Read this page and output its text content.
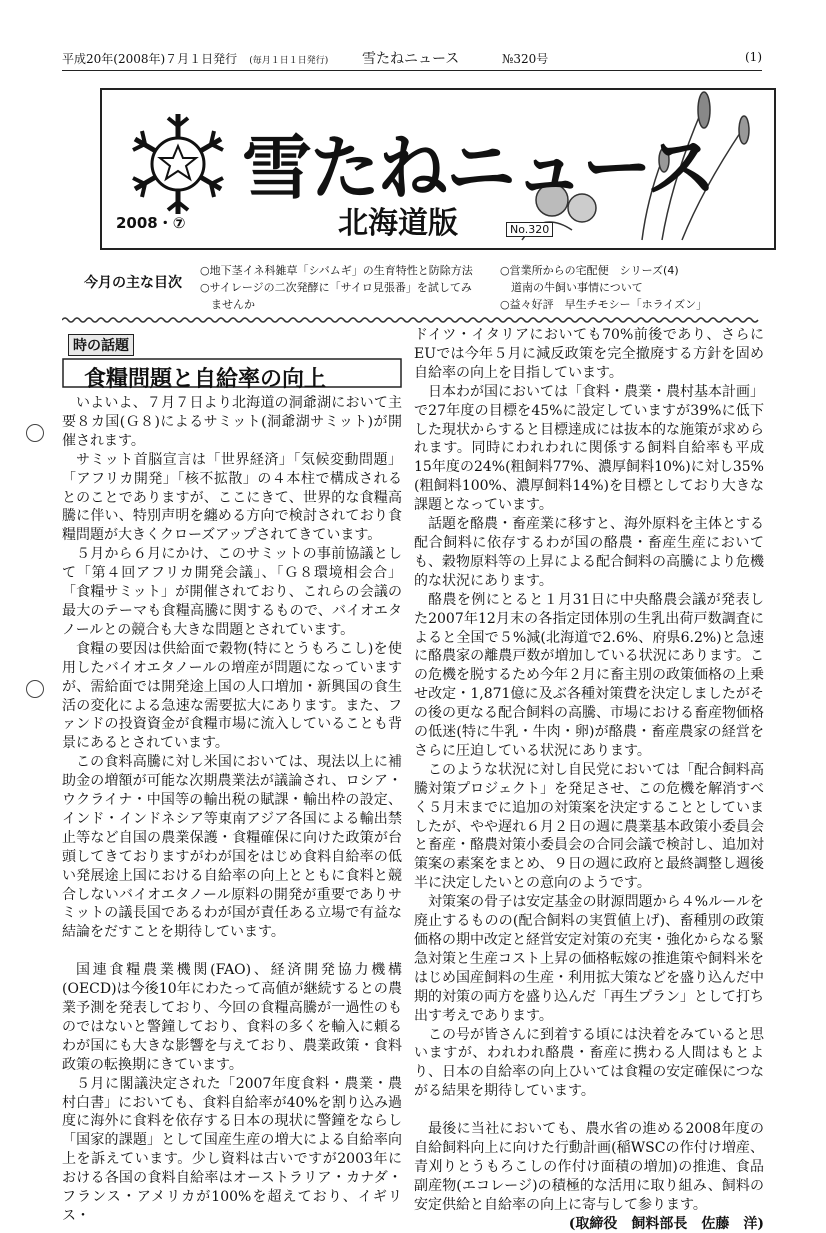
平成20年(2008年)７月１日発行　 (毎月１日１日発行) 雪たねニュース	№320号	(1)
雪たねニュース
北海道版
2008・⑦	No.320
今月の主な目次
○地下茎イネ科雑草「シバムギ」の生育特性と防除方法
○サイレージの二次発酵に「サイロ見張番」を試してみ
　ませんか
○営業所からの宅配便　シリーズ(4)
　道南の牛飼い事情について
○益々好評　早生チモシー「ホライズン」
時の話題
食糧問題と自給率の向上

いよいよ、７月７日より北海道の洞爺湖において主要８カ国(Ｇ８)によるサミット(洞爺湖サミット)が開催されます。

サミット首脳宣言は「世界経済」「気候変動問題」「アフリカ開発」「核不拡散」の４本柱で構成されるとのことでありますが、ここにきて、世界的な食糧高騰に伴い、特別声明を纏める方向で検討されており食糧問題が大きくクローズアップされてきています。

５月から６月にかけ、このサミットの事前協議として「第４回アフリカ開発会議」、「Ｇ８環境相会合」「食糧サミット」が開催されており、これらの会議の最大のテーマも食糧高騰に関するもので、バイオエタノールとの競合も大きな問題とされています。

食糧の要因は供給面で穀物(特にとうもろこし)を使用したバイオエタノールの増産が問題になっていますが、需給面では開発途上国の人口増加・新興国の食生活の変化による急速な需要拡大にあります。また、ファンドの投資資金が食糧市場に流入していることも背景にあるとされています。

この食料高騰に対し米国においては、現法以上に補助金の増額が可能な次期農業法が議論され、ロシア・ウクライナ・中国等の輸出税の賦課・輸出枠の設定、インド・インドネシア等東南アジア各国による輸出禁止等など自国の農業保護・食糧確保に向けた政策が台頭してきておりますがわが国をはじめ食料自給率の低い発展途上国における自給率の向上とともに食料と競合しないバイオエタノール原料の開発が重要でありサミットの議長国であるわが国が責任ある立場で有益な結論をだすことを期待しています。

国連食糧農業機関(FAO)、経済開発協力機構(OECD)は今後10年にわたって高値が継続するとの農業予測を発表しており、今回の食糧高騰が一過性のものではないと警鐘しており、食料の多くを輸入に頼るわが国にも大きな影響を与えており、農業政策・食料政策の転換期にきています。

５月に閣議決定された「2007年度食料・農業・農村白書」においても、食料自給率が40%を割り込み過度に海外に食料を依存する日本の現状に警鐘をならし「国家的課題」として国産生産の増大による自給率向上を訴えています。少し資料は古いですが2003年における各国の食料自給率はオーストラリア・カナダ・フランス・アメリカが100%を超えており、イギリス・

ドイツ・イタリアにおいても70%前後であり、さらにEUでは今年５月に減反政策を完全撤廃する方針を固め自給率の向上を目指しています。

日本わが国においては「食料・農業・農村基本計画」で27年度の目標を45%に設定していますが39%に低下した現状からすると目標達成には抜本的な施策が求められます。同時にわれわれに関係する飼料自給率も平成15年度の24%(粗飼料77%、濃厚飼料10%)に対し35%(粗飼料100%、濃厚飼料14%)を目標としており大きな課題となっています。

話題を酪農・畜産業に移すと、海外原料を主体とする配合飼料に依存するわが国の酪農・畜産生産においても、穀物原料等の上昇による配合飼料の高騰により危機的な状況にあります。

酪農を例にとると１月31日に中央酪農会議が発表した2007年12月末の各指定団体別の生乳出荷戸数調査によると全国で５%減(北海道で2.6%、府県6.2%)と急速に酪農家の離農戸数が増加している状況にあります。この危機を脱するため今年２月に畜主別の政策価格の上乗せ改定・1,871億に及ぶ各種対策費を決定しましたがその後の更なる配合飼料の高騰、市場における畜産物価格の低迷(特に牛乳・牛肉・卵)が酪農・畜産農家の経営をさらに圧迫している状況にあります。

このような状況に対し自民党においては「配合飼料高騰対策プロジェクト」を発足させ、この危機を解消すべく５月末までに追加の対策案を決定することとしていましたが、やや遅れ６月２日の週に農業基本政策小委員会と畜産・酪農対策小委員会の合同会議で検討し、追加対策案の素案をまとめ、９日の週に政府と最終調整し週後半に決定したいとの意向のようです。

対策案の骨子は安定基金の財源問題から４%ルールを廃止するものの(配合飼料の実質値上げ)、畜種別の政策価格の期中改定と経営安定対策の充実・強化からなる緊急対策と生産コスト上昇の価格転嫁の推進策や飼料米をはじめ国産飼料の生産・利用拡大策などを盛り込んだ中期的対策の両方を盛り込んだ「再生プラン」として打ち出す考えであります。

この号が皆さんに到着する頃には決着をみていると思いますが、われわれ酪農・畜産に携わる人間はもとより、日本の自給率の向上ひいては食糧の安定確保につながる結果を期待しています。

最後に当社においても、農水省の進める2008年度の自給飼料向上に向けた行動計画(稲WSCの作付け増産、青刈りとうもろこしの作付け面積の増加)の推進、食品副産物(エコレージ)の積極的な活用に取り組み、飼料の安定供給と自給率の向上に寄与して参ります。

(取締役　飼料部長　佐藤　洋)
